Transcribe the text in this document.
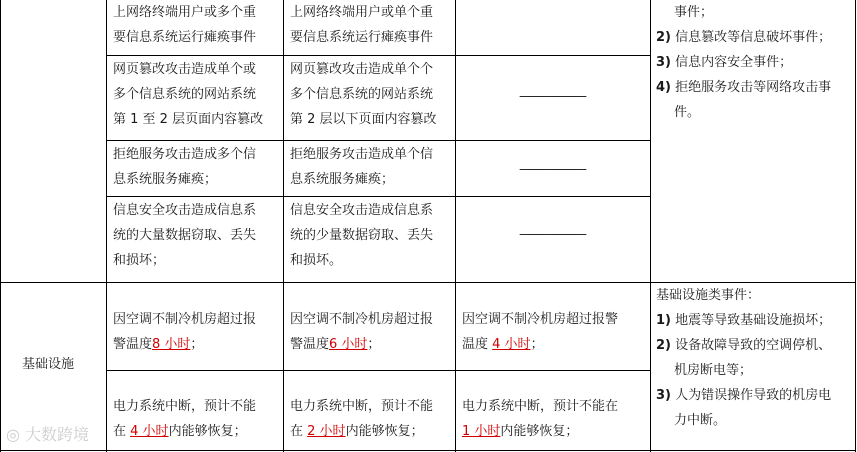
上网络终端用户或多个重
要信息系统运行瘫痪事件
上网络终端用户或单个重
要信息系统运行瘫痪事件
网页篡改攻击造成单个或
多个信息系统的网站系统
第 1 至 2 层页面内容篡改
网页篡改攻击造成单个个
多个信息系统的网站系统
第 2 层以下页面内容篡改
——————
拒绝服务攻击造成多个信
息系统服务瘫痪；
拒绝服务攻击造成单个信
息系统服务瘫痪；
——————
信息安全攻击造成信息系
统的大量数据窃取、丢失
和损坏；
信息安全攻击造成信息系
统的少量数据窃取、丢失
和损坏。
——————

事件；

2) 信息篡改等信息破坏事件；

3) 信息内容安全事件；

4) 拒绝服务攻击等网络攻击事

件。

基础设施
因空调不制冷机房超过报
警温度8 小时；
因空调不制冷机房超过报
警温度6 小时；
因空调不制冷机房超过报警
温度 4 小时；
电力系统中断，预计不能
在 4 小时内能够恢复；
电力系统中断，预计不能
在 2 小时内能够恢复；
电力系统中断，预计不能在
1 小时内能够恢复；

基础设施类事件：

1) 地震等导致基础设施损坏；

2) 设备故障导致的空调停机、

机房断电等；

3) 人为错误操作导致的机房电

力中断。

◎ 大数跨境
